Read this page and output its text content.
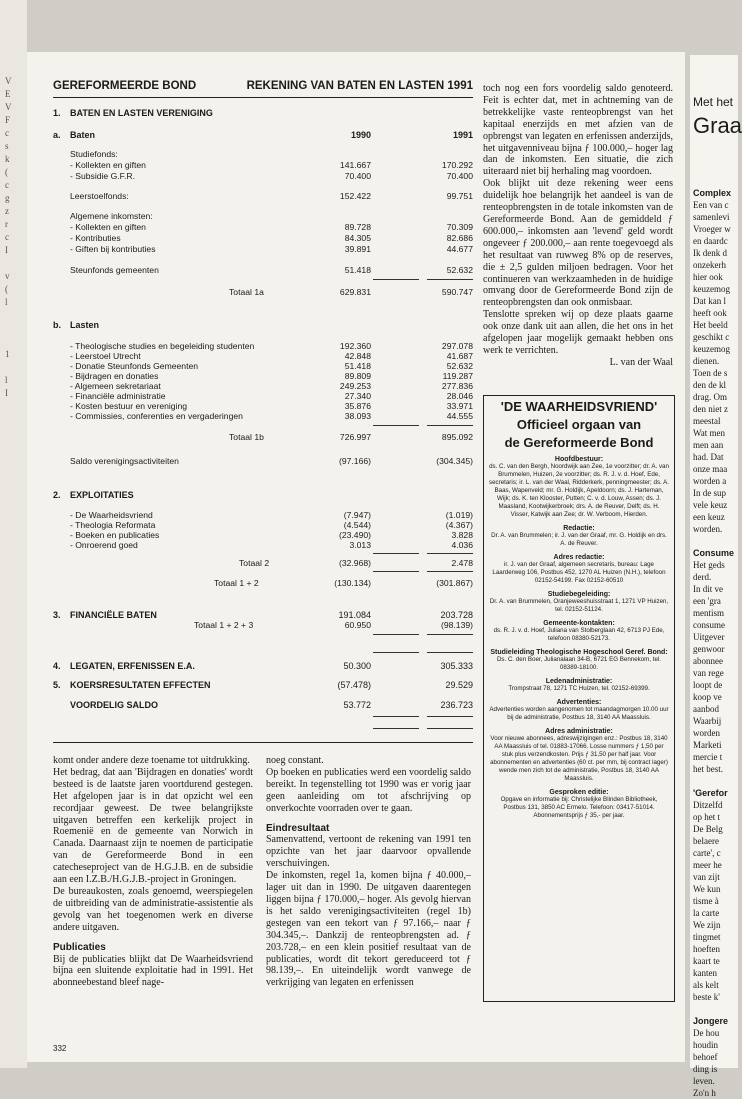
V
E
V
F
c
s
k
(
c
g
z
r
c
I
v
(
l
1
l
I
GEREFORMEERDE BOND	REKENING VAN BATEN EN LASTEN 1991
1. BATEN EN LASTEN VERENIGING
a. Baten	1990	1991
Studiefonds:
- Kollekten en giften	141.667	170.292
- Subsidie G.F.R.	70.400	70.400
Leerstoelfonds:	152.422	99.751
Algemene inkomsten:
- Kollekten en giften	89.728	70.309
- Kontributies	84.305	82.686
- Giften bij kontributies	39.891	44.677
Steunfonds gemeenten	51.418	52.632
Totaal 1a	629.831	590.747
b. Lasten
- Theologische studies en begeleiding studenten	192.360	297.078
- Leerstoel Utrecht	42.848	41.687
- Donatie Steunfonds Gemeenten	51.418	52.632
- Bijdragen en donaties	89.809	119.287
- Algemeen sekretariaat	249.253	277.836
- Financiële administratie	27.340	28.046
- Kosten bestuur en vereniging	35.876	33.971
- Commissies, conferenties en vergaderingen	38.093	44.555
Totaal 1b	726.997	895.092
Saldo verenigingsactiviteiten	(97.166)	(304.345)
2. EXPLOITATIES
- De Waarheidsvriend	(7.947)	(1.019)
- Theologia Reformata	(4.544)	(4.367)
- Boeken en publicaties	(23.490)	3.828
- Onroerend goed	3.013	4.036
Totaal 2	(32.968)	2.478
Totaal 1 + 2	(130.134)	(301.867)
3. FINANCIËLE BATEN	191.084	203.728
Totaal 1 + 2 + 3	60.950	(98.139)
4. LEGATEN, ERFENISSEN E.A.	50.300	305.333
5. KOERSRESULTATEN EFFECTEN	(57.478)	29.529
VOORDELIG SALDO	53.772	236.723

toch nog een fors voordelig saldo genoteerd. Feit is echter dat, met in achtneming van de betrekkelijke vaste renteopbrengst van het kapitaal enerzijds en met afzien van de opbrengst van legaten en erfenissen anderzijds, het uitgavenniveau bijna ƒ 100.000,– hoger lag dan de inkomsten. Een situatie, die zich uiteraard niet bij herhaling mag voordoen.

Ook blijkt uit deze rekening weer eens duidelijk hoe belangrijk het aandeel is van de renteopbrengsten in de totale inkomsten van de Gereformeerde Bond. Aan de gemiddeld ƒ 600.000,– inkomsten aan 'levend' geld wordt ongeveer ƒ 200.000,– aan rente toegevoegd als het resultaat van ruwweg 8% op de reserves, die ± 2,5 gulden miljoen bedragen. Voor het continueren van werkzaamheden in de huidige omvang door de Gereformeerde Bond zijn de renteopbrengsten dan ook onmisbaar.

Tenslotte spreken wij op deze plaats gaarne ook onze dank uit aan allen, die het ons in het afgelopen jaar mogelijk gemaakt hebben ons werk te verrichten.

L. van der Waal

'DE WAARHEIDSVRIEND'
Officieel orgaan van
de Gereformeerde Bond
Hoofdbestuur:
ds. C. van den Bergh, Noordwijk aan Zee, 1e voorzitter; dr. A. van Brummelen, Huizen, 2e voorzitter; ds. R. J. v. d. Hoef, Ede, secretaris; ir. L. van der Waal, Ridderkerk, penningmeester; ds. A. Baas, Wapenveld; mr. G. Holdijk, Apeldoorn; ds. J. Harteman, Wijk; ds. K. ten Klooster, Putten; C. v. d. Louw, Assen; ds. J. Maasland, Kootwijkerbroek; drs. A. de Reuver, Delft; ds. H. Visser, Katwijk aan Zee; dr. W. Verboom, Hierden.
Redactie:
Dr. A. van Brummelen; ir. J. van der Graaf, mr. G. Holdijk en drs. A. de Reuver.
Adres redactie:
ir. J. van der Graaf, algemeen secretaris, bureau: Lage Laarderweg 106, Postbus 452, 1270 AL Huizen (N.H.), telefoon 02152-54199. Fax 02152-60510
Studiebegeleiding:
Dr. A. van Brummelen, Oranjeweeshuisstraat 1, 1271 VP Huizen, tel. 02152-51124.
Gemeente-kontakten:
ds. R. J. v. d. Hoef, Juliana van Stolberglaan 42, 6713 PJ Ede, telefoon 08380-52173.
Studieleiding Theologische Hogeschool Geref. Bond:
Ds. C. den Boer, Julianalaan 34-B, 6721 EG Bennekom, tel. 08389-18100.
Ledenadministratie:
Trompstraat 78, 1271 TC Huizen, tel. 02152-69399.
Advertenties:
Advertenties worden aangenomen tot maandagmorgen 10.00 uur bij de administratie, Postbus 18, 3140 AA Maassluis.
Adres administratie:
Voor nieuwe abonnees, adreswijzigingen enz.: Postbus 18, 3140 AA Maassluis of tel. 01883-17066. Losse nummers ƒ 1,50 per stuk plus verzendkosten. Prijs ƒ 31,50 per half jaar. Voor abonnementen en advertenties (60 ct. per mm, bij contract lager) wende men zich tot de administratie, Postbus 18, 3140 AA Maassluis.
Gesproken editie:
Opgave en informatie bij: Christelijke Blinden Bibliotheek, Postbus 131, 3850 AC Ermelo. Telefoon: 03417-51014. Abonnementsprijs ƒ 35,- per jaar.

komt onder andere deze toename tot uitdrukking.

Het bedrag, dat aan 'Bijdragen en donaties' wordt besteed is de laatste jaren voortdurend gestegen. Het afgelopen jaar is in dat opzicht wel een recordjaar geweest. De twee belangrijkste uitgaven betreffen een kerkelijk project in Roemenië en de gemeente van Norwich in Canada. Daarnaast zijn te noemen de participatie van de Gereformeerde Bond in een catecheseproject van de H.G.J.B. en de subsidie aan een I.Z.B./H.G.J.B.-project in Groningen.

De bureaukosten, zoals genoemd, weerspiegelen de uitbreiding van de administratie-assistentie als gevolg van het toegenomen werk en diverse andere uitgaven.

Publicaties

Bij de publicaties blijkt dat De Waarheidsvriend bijna een sluitende exploitatie had in 1991. Het abonneebestand bleef nage-

noeg constant.

Op boeken en publicaties werd een voordelig saldo bereikt. In tegenstelling tot 1990 was er vorig jaar geen aanleiding om tot afschrijving op onverkochte voorraden over te gaan.

Eindresultaat

Samenvattend, vertoont de rekening van 1991 ten opzichte van het jaar daarvoor opvallende verschuivingen.

De inkomsten, regel 1a, komen bijna ƒ 40.000,– lager uit dan in 1990. De uitgaven daarentegen liggen bijna ƒ 170.000,– hoger. Als gevolg hiervan is het saldo verenigingsactiviteiten (regel 1b) gestegen van een tekort van ƒ 97.166,– naar ƒ 304.345,–. Dankzij de renteopbrengsten ad. ƒ 203.728,– en een klein positief resultaat van de publicaties, wordt dit tekort gereduceerd tot ƒ 98.139,–. En uiteindelijk wordt vanwege de verkrijging van legaten en erfenissen

332
Met het
Graa
Complex
Een van c
samenlevi
Vroeger w
en daardc
Ik denk d
onzekerh
hier ook
keuzemog
Dat kan l
heeft ook
Het beeld
geschikt c
keuzemog
dienen.
Toen de s
den de kl
drag. Om
den niet z
meestal
Wat men
men aan
had. Dat
onze maa
worden a
In de sup
vele keuz
een keuz
worden.
Consume
Het geds
derd.
In dit ve
een 'gra
mentism
consume
Uitgever
genwoor
abonnee
van rege
loopt de
koop ve
aanbod
Waarbij
worden
Marketi
mercie t
het best.
'Gerefor
Ditzelfd
op het t
De Belg
belaere
carte', c
meer he
van zijt
We kun
tisme à
la carte
We zijn
tingmet
hoeften
kaart te
kanten
als kelt
beste k'
Jongere
De hou
houdin
behoef
ding is
leven.
Zo'n h
